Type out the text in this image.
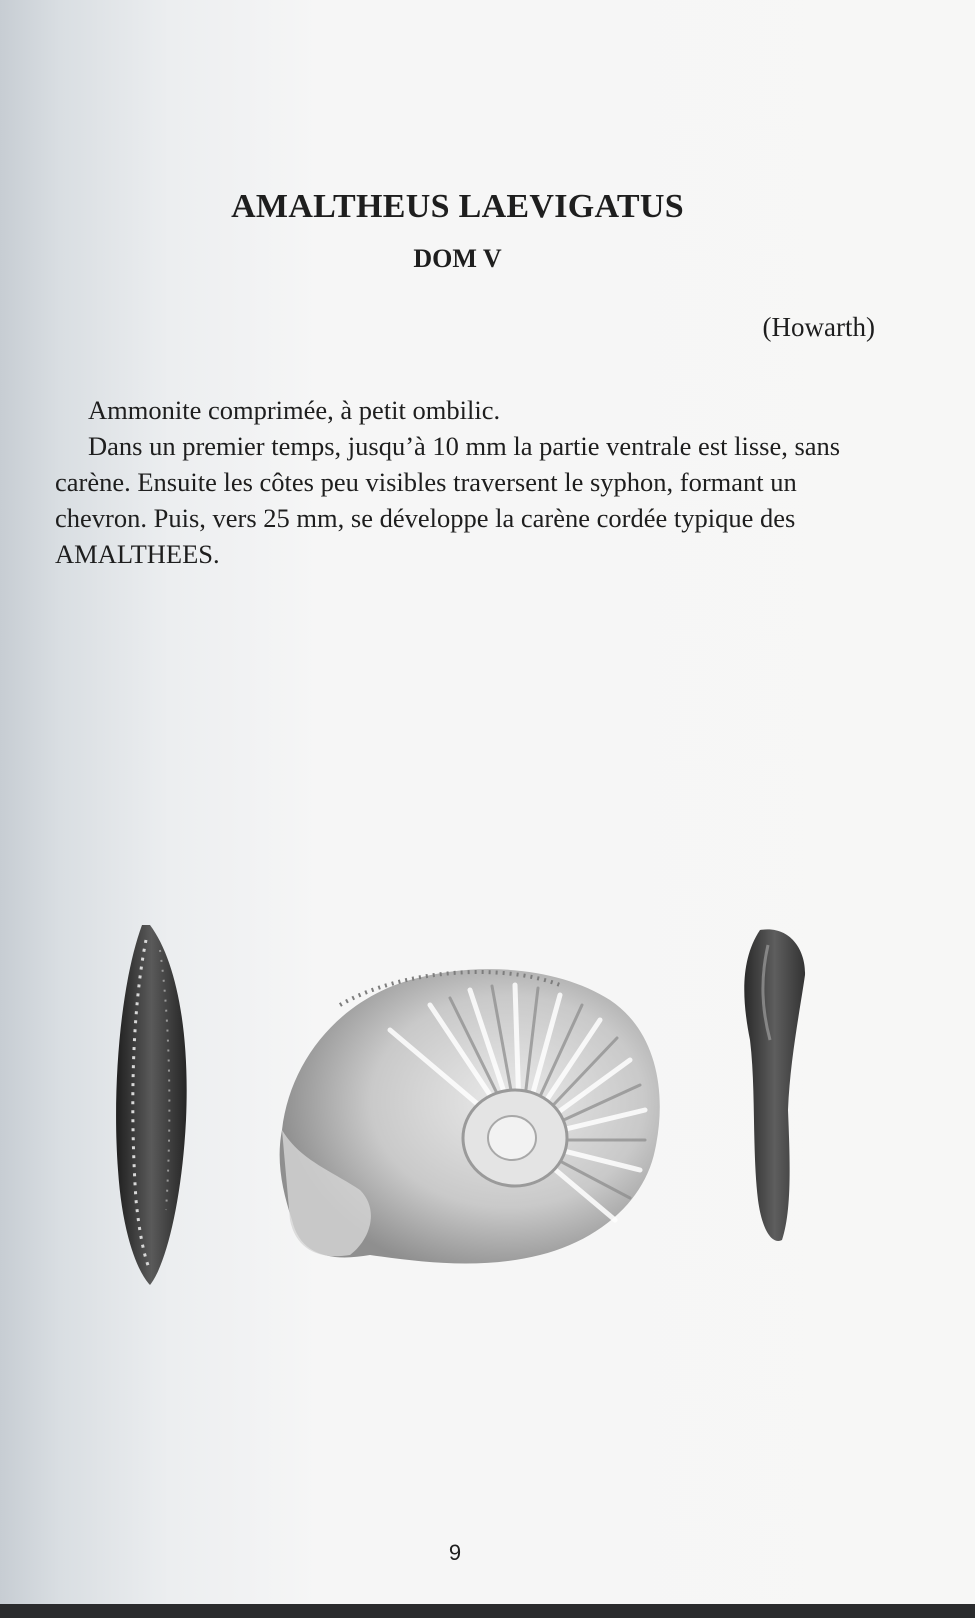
AMALTHEUS LAEVIGATUS
DOM V
(Howarth)

Ammonite comprimée, à petit ombilic.

Dans un premier temps, jusqu’à 10 mm la partie ventrale est lisse, sans carène. Ensuite les côtes peu visibles traversent le syphon, formant un chevron. Puis, vers 25 mm, se développe la carène cordée typique des AMALTHEES.

9
